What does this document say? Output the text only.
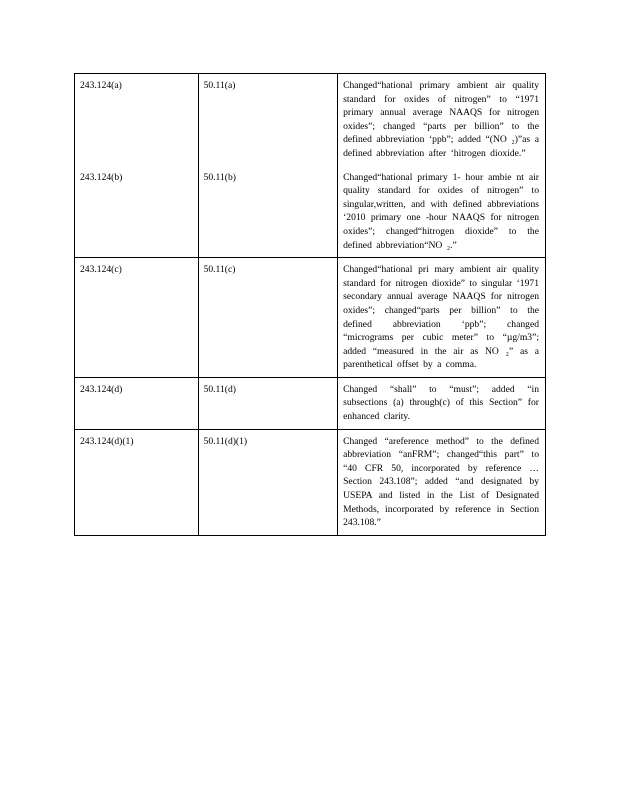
243.124(a)	50.11(a)	Changed“hational primary ambient air quality standard for oxides of nitrogen” to “1971 primary annual average NAAQS for nitrogen oxides”; changed “parts per billion” to the defined abbreviation ‘ppb”; added “(NO ₂)”as a defined abbreviation after ‘hitrogen dioxide.”
243.124(b)	50.11(b)	Changed“hational primary 1- hour ambie nt air quality standard for oxides of nitrogen” to singular,written, and with defined abbreviations ‘2010 primary one -hour NAAQS for nitrogen oxides”; changed“hitrogen dioxide” to the defined abbreviation“NO ₂.”
243.124(c)	50.11(c)	Changed“hational pri mary ambient air quality standard for nitrogen dioxide” to singular ‘1971 secondary annual average NAAQS for nitrogen oxides”; changed“parts per billion” to the defined abbreviation ‘ppb”; changed “micrograms per cubic meter” to “µg/m3”; added “measured in the air as NO ₂” as a parenthetical offset by a comma.
243.124(d)	50.11(d)	Changed “shall” to “must”; added “in subsections (a) through(c) of this Section” for enhanced clarity.
243.124(d)(1)	50.11(d)(1)	Changed “areference method” to the defined abbreviation “anFRM”; changed“this part” to “40 CFR 50, incorporated by reference … Section 243.108”; added “and designated by USEPA and listed in the List of Designated Methods, incorporated by reference in Section 243.108.”
